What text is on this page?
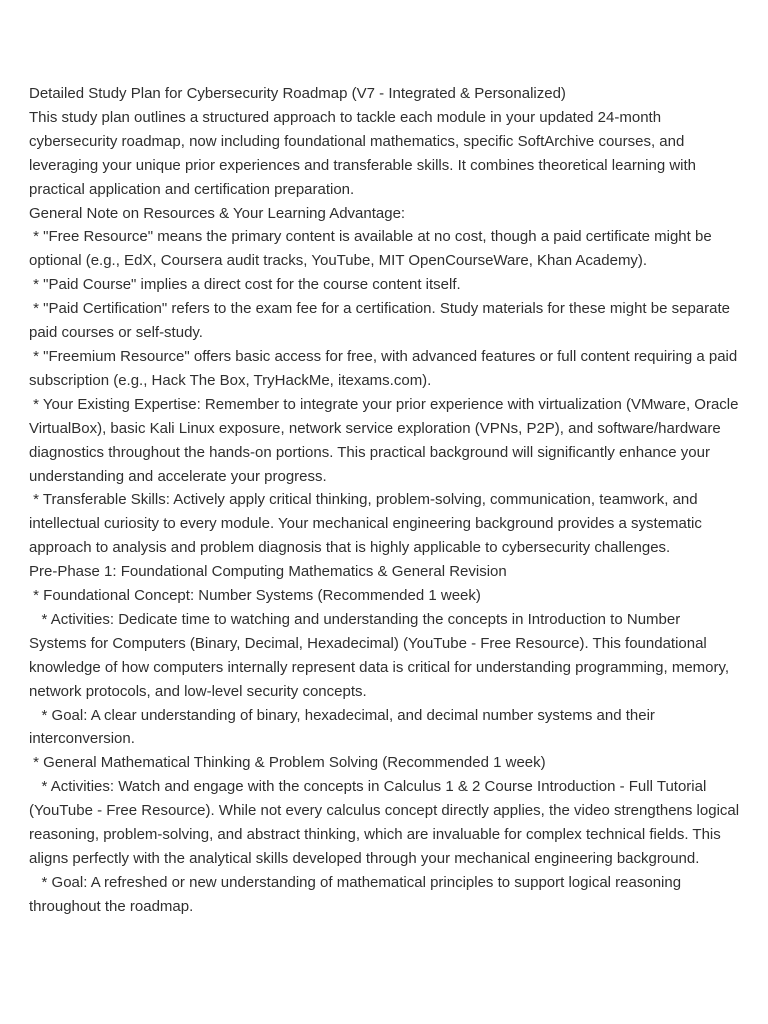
Detailed Study Plan for Cybersecurity Roadmap (V7 - Integrated & Personalized)

This study plan outlines a structured approach to tackle each module in your updated 24-month cybersecurity roadmap, now including foundational mathematics, specific SoftArchive courses, and leveraging your unique prior experiences and transferable skills. It combines theoretical learning with practical application and certification preparation.

General Note on Resources & Your Learning Advantage:

* "Free Resource" means the primary content is available at no cost, though a paid certificate might be optional (e.g., EdX, Coursera audit tracks, YouTube, MIT OpenCourseWare, Khan Academy).

* "Paid Course" implies a direct cost for the course content itself.

* "Paid Certification" refers to the exam fee for a certification. Study materials for these might be separate paid courses or self-study.

* "Freemium Resource" offers basic access for free, with advanced features or full content requiring a paid subscription (e.g., Hack The Box, TryHackMe, itexams.com).

* Your Existing Expertise: Remember to integrate your prior experience with virtualization (VMware, Oracle VirtualBox), basic Kali Linux exposure, network service exploration (VPNs, P2P), and software/hardware diagnostics throughout the hands-on portions. This practical background will significantly enhance your understanding and accelerate your progress.

* Transferable Skills: Actively apply critical thinking, problem-solving, communication, teamwork, and intellectual curiosity to every module. Your mechanical engineering background provides a systematic approach to analysis and problem diagnosis that is highly applicable to cybersecurity challenges.

Pre-Phase 1: Foundational Computing Mathematics & General Revision

* Foundational Concept: Number Systems (Recommended 1 week)

* Activities: Dedicate time to watching and understanding the concepts in Introduction to Number Systems for Computers (Binary, Decimal, Hexadecimal) (YouTube - Free Resource). This foundational knowledge of how computers internally represent data is critical for understanding programming, memory, network protocols, and low-level security concepts.

* Goal: A clear understanding of binary, hexadecimal, and decimal number systems and their interconversion.

* General Mathematical Thinking & Problem Solving (Recommended 1 week)

* Activities: Watch and engage with the concepts in Calculus 1 & 2 Course Introduction - Full Tutorial (YouTube - Free Resource). While not every calculus concept directly applies, the video strengthens logical reasoning, problem-solving, and abstract thinking, which are invaluable for complex technical fields. This aligns perfectly with the analytical skills developed through your mechanical engineering background.

* Goal: A refreshed or new understanding of mathematical principles to support logical reasoning throughout the roadmap.
